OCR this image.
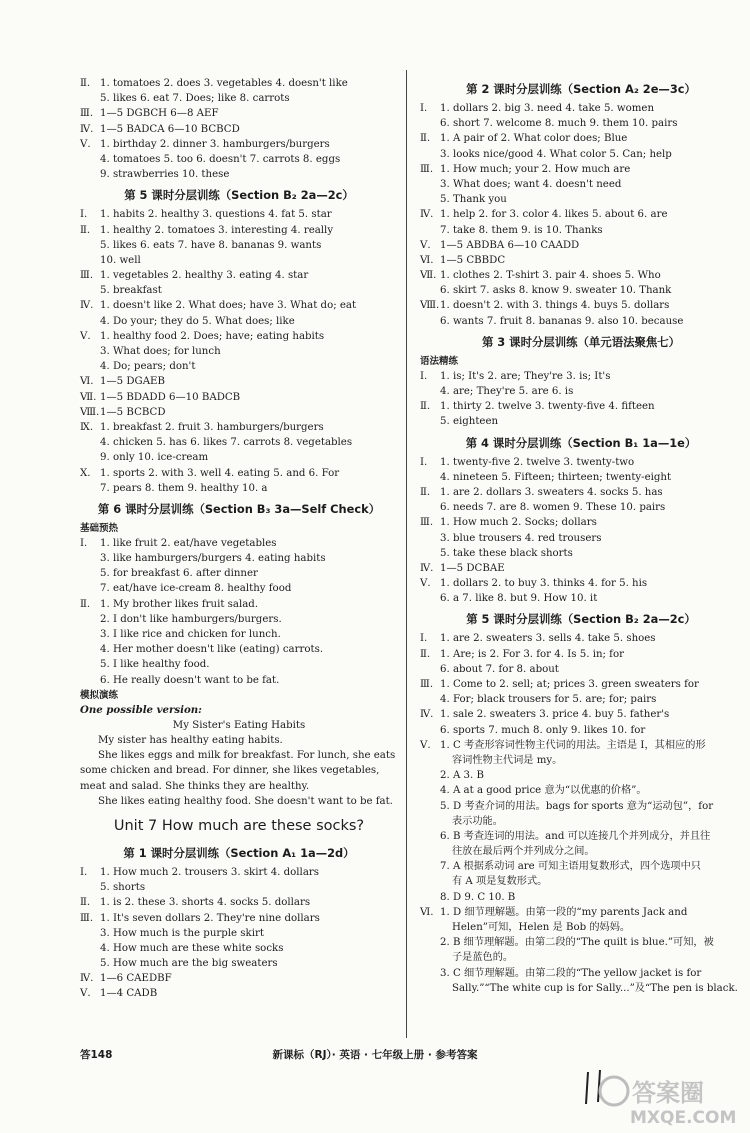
Ⅱ. 1. tomatoes 2. does 3. vegetables 4. doesn't like
5. likes 6. eat 7. Does; like 8. carrots
Ⅲ. 1—5 DGBCH 6—8 AEF
Ⅳ. 1—5 BADCA 6—10 BCBCD
Ⅴ. 1. birthday 2. dinner 3. hamburgers/burgers
4. tomatoes 5. too 6. doesn't 7. carrots 8. eggs
9. strawberries 10. these
第 5 课时分层训练（Section B₂ 2a—2c）
Ⅰ. 1. habits 2. healthy 3. questions 4. fat 5. star
Ⅱ. 1. healthy 2. tomatoes 3. interesting 4. really
5. likes 6. eats 7. have 8. bananas 9. wants
10. well
Ⅲ. 1. vegetables 2. healthy 3. eating 4. star
5. breakfast
Ⅳ. 1. doesn't like 2. What does; have 3. What do; eat
4. Do your; they do 5. What does; like
Ⅴ. 1. healthy food 2. Does; have; eating habits
3. What does; for lunch
4. Do; pears; don't
Ⅵ. 1—5 DGAEB
Ⅶ. 1—5 BDADD 6—10 BADCB
Ⅷ. 1—5 BCBCD
Ⅸ. 1. breakfast 2. fruit 3. hamburgers/burgers
4. chicken 5. has 6. likes 7. carrots 8. vegetables
9. only 10. ice-cream
Ⅹ. 1. sports 2. with 3. well 4. eating 5. and 6. For
7. pears 8. them 9. healthy 10. a
第 6 课时分层训练（Section B₃ 3a—Self Check）
基础预热
Ⅰ. 1. like fruit 2. eat/have vegetables
3. like hamburgers/burgers 4. eating habits
5. for breakfast 6. after dinner
7. eat/have ice-cream 8. healthy food
Ⅱ. 1. My brother likes fruit salad.
2. I don't like hamburgers/burgers.
3. I like rice and chicken for lunch.
4. Her mother doesn't like (eating) carrots.
5. I like healthy food.
6. He really doesn't want to be fat.
模拟演练
One possible version:
My Sister's Eating Habits
My sister has healthy eating habits.
She likes eggs and milk for breakfast. For lunch, she eats some chicken and bread. For dinner, she likes vegetables, meat and salad. She thinks they are healthy.
She likes eating healthy food. She doesn't want to be fat.
Unit 7 How much are these socks?
第 1 课时分层训练（Section A₁ 1a—2d）
Ⅰ. 1. How much 2. trousers 3. skirt 4. dollars
5. shorts
Ⅱ. 1. is 2. these 3. shorts 4. socks 5. dollars
Ⅲ. 1. It's seven dollars 2. They're nine dollars
3. How much is the purple skirt
4. How much are these white socks
5. How much are the big sweaters
Ⅳ. 1—6 CAEDBF
Ⅴ. 1—4 CADB
第 2 课时分层训练（Section A₂ 2e—3c）
Ⅰ. 1. dollars 2. big 3. need 4. take 5. women
6. short 7. welcome 8. much 9. them 10. pairs
Ⅱ. 1. A pair of 2. What color does; Blue
3. looks nice/good 4. What color 5. Can; help
Ⅲ. 1. How much; your 2. How much are
3. What does; want 4. doesn't need
5. Thank you
Ⅳ. 1. help 2. for 3. color 4. likes 5. about 6. are
7. take 8. them 9. is 10. Thanks
Ⅴ. 1—5 ABDBA 6—10 CAADD
Ⅵ. 1—5 CBBDC
Ⅶ. 1. clothes 2. T-shirt 3. pair 4. shoes 5. Who
6. skirt 7. asks 8. know 9. sweater 10. Thank
Ⅷ. 1. doesn't 2. with 3. things 4. buys 5. dollars
6. wants 7. fruit 8. bananas 9. also 10. because
第 3 课时分层训练（单元语法聚焦七）
语法精练
Ⅰ. 1. is; It's 2. are; They're 3. is; It's
4. are; They're 5. are 6. is
Ⅱ. 1. thirty 2. twelve 3. twenty-five 4. fifteen
5. eighteen
第 4 课时分层训练（Section B₁ 1a—1e）
Ⅰ. 1. twenty-five 2. twelve 3. twenty-two
4. nineteen 5. Fifteen; thirteen; twenty-eight
Ⅱ. 1. are 2. dollars 3. sweaters 4. socks 5. has
6. needs 7. are 8. women 9. These 10. pairs
Ⅲ. 1. How much 2. Socks; dollars
3. blue trousers 4. red trousers
5. take these black shorts
Ⅳ. 1—5 DCBAE
Ⅴ. 1. dollars 2. to buy 3. thinks 4. for 5. his
6. a 7. like 8. but 9. How 10. it
第 5 课时分层训练（Section B₂ 2a—2c）
Ⅰ. 1. are 2. sweaters 3. sells 4. take 5. shoes
Ⅱ. 1. Are; is 2. For 3. for 4. Is 5. in; for
6. about 7. for 8. about
Ⅲ. 1. Come to 2. sell; at; prices 3. green sweaters for
4. For; black trousers for 5. are; for; pairs
Ⅳ. 1. sale 2. sweaters 3. price 4. buy 5. father's
6. sports 7. much 8. only 9. likes 10. for
Ⅴ. 1. C 考查形容词性物主代词的用法。主语是 I，其相应的形
容词性物主代词是 my。
2. A 3. B
4. A at a good price 意为“以优惠的价格”。
5. D 考查介词的用法。bags for sports 意为“运动包”，for
表示功能。
6. B 考查连词的用法。and 可以连接几个并列成分，并且往
往放在最后两个并列成分之间。
7. A 根据系动词 are 可知主语用复数形式，四个选项中只
有 A 项是复数形式。
8. D 9. C 10. B
Ⅵ. 1. D 细节理解题。由第一段的“my parents Jack and
Helen”可知，Helen 是 Bob 的妈妈。
2. B 细节理解题。由第二段的“The quilt is blue.”可知，被
子是蓝色的。
3. C 细节理解题。由第二段的“The yellow jacket is for
Sally.”“The white cup is for Sally...”及“The pen is black.
答148	新课标（RJ）· 英语 · 七年级上册 · 参考答案
答案圈
MXQE.COM
